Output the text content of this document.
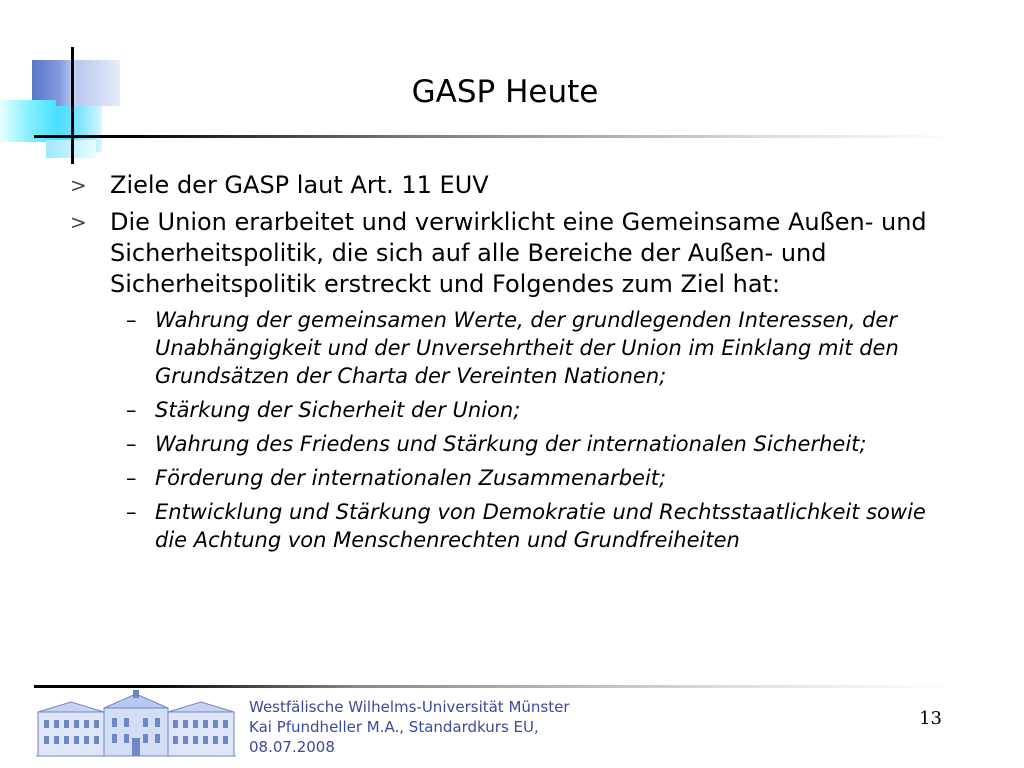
GASP Heute
> Ziele der GASP laut Art. 11 EUV
> Die Union erarbeitet und verwirklicht eine Gemeinsame Außen- und Sicherheitspolitik, die sich auf alle Bereiche der Außen- und Sicherheitspolitik erstreckt und Folgendes zum Ziel hat:
– Wahrung der gemeinsamen Werte, der grundlegenden Interessen, der Unabhängigkeit und der Unversehrtheit der Union im Einklang mit den Grundsätzen der Charta der Vereinten Nationen;
– Stärkung der Sicherheit der Union;
– Wahrung des Friedens und Stärkung der internationalen Sicherheit;
– Förderung der internationalen Zusammenarbeit;
– Entwicklung und Stärkung von Demokratie und Rechtsstaatlichkeit sowie die Achtung von Menschenrechten und Grundfreiheiten
Westfälische Wilhelms-Universität Münster
Kai Pfundheller M.A., Standardkurs EU,
08.07.2008
13
